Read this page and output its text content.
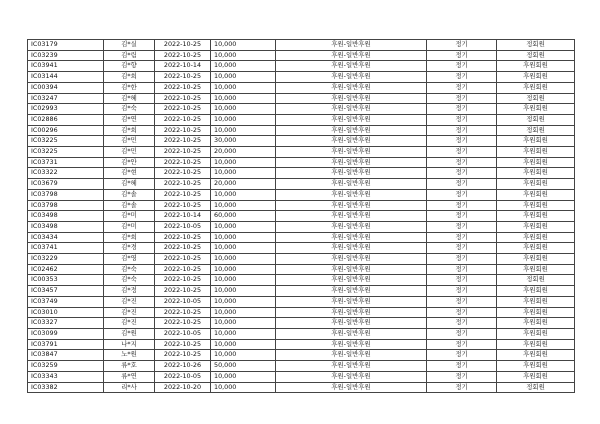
IC03179	김*실	2022-10-25	10,000	후원-일반후원	정기	정회원
IC03239	김*림	2022-10-25	10,000	후원-일반후원	정기	정회원
IC03941	김*향	2022-10-14	10,000	후원-일반후원	정기	후원회원
IC03144	김*희	2022-10-25	10,000	후원-일반후원	정기	후원회원
IC00394	김*한	2022-10-25	10,000	후원-일반후원	정기	후원회원
IC03247	김*혜	2022-10-25	10,000	후원-일반후원	정기	정회원
IC02993	김*숙	2022-10-25	10,000	후원-일반후원	정기	후원회원
IC02886	김*연	2022-10-25	10,000	후원-일반후원	정기	정회원
IC00296	김*희	2022-10-25	10,000	후원-일반후원	정기	정회원
IC03225	김*민	2022-10-25	30,000	후원-일반후원	정기	후원회원
IC03225	김*민	2022-10-25	20,000	후원-일반후원	정기	후원회원
IC03731	김*안	2022-10-25	10,000	후원-일반후원	정기	후원회원
IC03322	김*현	2022-10-25	10,000	후원-일반후원	정기	후원회원
IC03679	김*혜	2022-10-25	20,000	후원-일반후원	정기	후원회원
IC03798	김*솔	2022-10-25	10,000	후원-일반후원	정기	후원회원
IC03798	김*솔	2022-10-25	10,000	후원-일반후원	정기	후원회원
IC03498	김*미	2022-10-14	60,000	후원-일반후원	정기	후원회원
IC03498	김*미	2022-10-05	10,000	후원-일반후원	정기	후원회원
IC03434	김*희	2022-10-25	10,000	후원-일반후원	정기	후원회원
IC03741	김*경	2022-10-25	10,000	후원-일반후원	정기	후원회원
IC03229	김*영	2022-10-25	10,000	후원-일반후원	정기	후원회원
IC02462	김*숙	2022-10-25	10,000	후원-일반후원	정기	후원회원
IC00353	김*숙	2022-10-25	10,000	후원-일반후원	정기	정회원
IC03457	김*정	2022-10-25	10,000	후원-일반후원	정기	후원회원
IC03749	김*진	2022-10-05	10,000	후원-일반후원	정기	후원회원
IC03010	김*진	2022-10-25	10,000	후원-일반후원	정기	후원회원
IC03327	김*진	2022-10-25	10,000	후원-일반후원	정기	후원회원
IC03099	김*원	2022-10-05	10,000	후원-일반후원	정기	후원회원
IC03791	나*지	2022-10-25	10,000	후원-일반후원	정기	후원회원
IC03847	노*원	2022-10-25	10,000	후원-일반후원	정기	후원회원
IC03259	류*호	2022-10-26	50,000	후원-일반후원	정기	후원회원
IC03343	류*연	2022-10-05	10,000	후원-일반후원	정기	후원회원
IC03382	리*사	2022-10-20	10,000	후원-일반후원	정기	정회원
